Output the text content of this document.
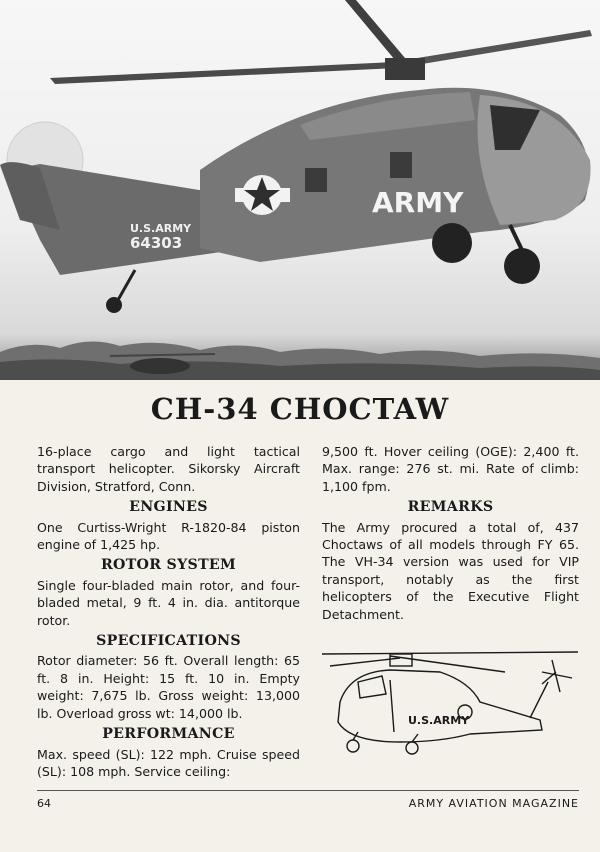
ARMY
U.S.ARMY
64303
CH-34 CHOCTAW

16-place cargo and light tactical transport helicopter. Sikorsky Aircraft Division, Stratford, Conn.

ENGINES

One Curtiss-Wright R-1820-84 piston engine of 1,425 hp.

ROTOR SYSTEM

Single four-bladed main rotor, and four-bladed metal, 9 ft. 4 in. dia. antitorque rotor.

SPECIFICATIONS

Rotor diameter: 56 ft. Overall length: 65 ft. 8 in. Height: 15 ft. 10 in. Empty weight: 7,675 lb. Gross weight: 13,000 lb. Overload gross wt: 14,000 lb.

PERFORMANCE

Max. speed (SL): 122 mph. Cruise speed (SL): 108 mph. Service ceiling:

9,500 ft. Hover ceiling (OGE): 2,400 ft. Max. range: 276 st. mi. Rate of climb: 1,100 fpm.

REMARKS

The Army procured a total of, 437 Choctaws of all models through FY 65. The VH-34 version was used for VIP transport, notably as the first helicopters of the Executive Flight Detachment.

U.S.ARMY
64	ARMY AVIATION MAGAZINE
